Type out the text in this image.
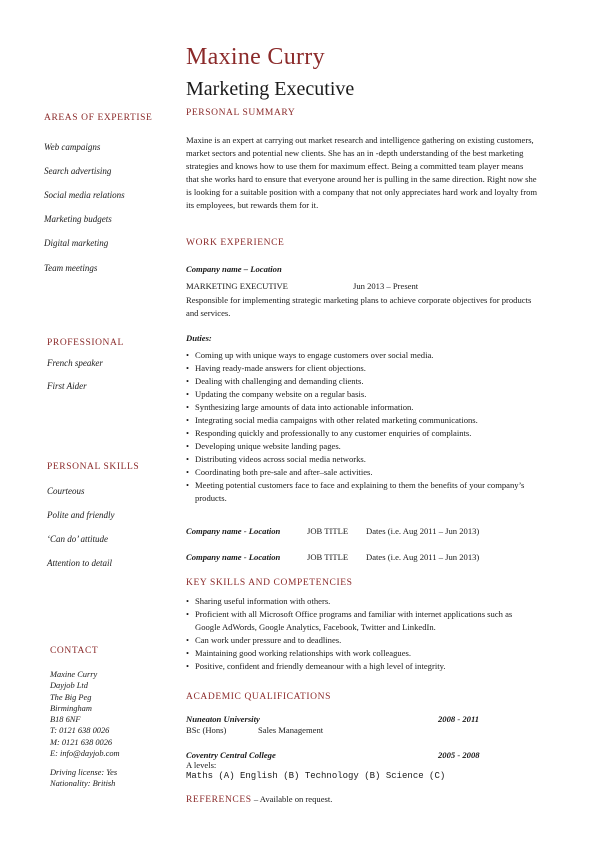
Maxine Curry
Marketing Executive
AREAS OF EXPERTISE
Web campaigns
Search advertising
Social media relations
Marketing budgets
Digital marketing
Team meetings
PROFESSIONAL
French speaker
First Aider
PERSONAL SKILLS
Courteous
Polite and friendly
‘Can do’ attitude
Attention to detail
CONTACT
Maxine Curry
Dayjob Ltd
The Big Peg
Birmingham
B18 6NF
T: 0121 638 0026
M: 0121 638 0026
E: info@dayjob.com
Driving license: Yes
Nationality: British
PERSONAL SUMMARY
Maxine is an expert at carrying out market research and intelligence gathering on existing customers, market sectors and potential new clients. She has an in -depth understanding of the best marketing strategies and knows how to use them for maximum effect. Being a committed team player means that she works hard to ensure that everyone around her is pulling in the same direction. Right now she is looking for a suitable position with a company that not only appreciates hard work and loyalty from its employees, but rewards them for it.
WORK EXPERIENCE
Company name – Location
MARKETING EXECUTIVE	Jun 2013 – Present
Responsible for implementing strategic marketing plans to achieve corporate objectives for products and services.
Duties:
• Coming up with unique ways to engage customers over social media.
• Having ready-made answers for client objections.
• Dealing with challenging and demanding clients.
• Updating the company website on a regular basis.
• Synthesizing large amounts of data into actionable information.
• Integrating social media campaigns with other related marketing communications.
• Responding quickly and professionally to any customer enquiries of complaints.
• Developing unique website landing pages.
• Distributing videos across social media networks.
• Coordinating both pre-sale and after–sale activities.
• Meeting potential customers face to face and explaining to them the benefits of your company’s products.
Company name - Location	JOB TITLE Dates (i.e. Aug 2011 – Jun 2013)
Company name - Location	JOB TITLE Dates (i.e. Aug 2011 – Jun 2013)
KEY SKILLS AND COMPETENCIES
• Sharing useful information with others.
• Proficient with all Microsoft Office programs and familiar with internet applications such as Google AdWords, Google Analytics, Facebook, Twitter and LinkedIn.
• Can work under pressure and to deadlines.
• Maintaining good working relationships with work colleagues.
• Positive, confident and friendly demeanour with a high level of integrity.
ACADEMIC QUALIFICATIONS
Nuneaton University	2008 - 2011
BSc (Hons)	Sales Management
Coventry Central College	2005 - 2008
A levels:
Maths (A) English (B) Technology (B) Science (C)
REFERENCES – Available on request.
